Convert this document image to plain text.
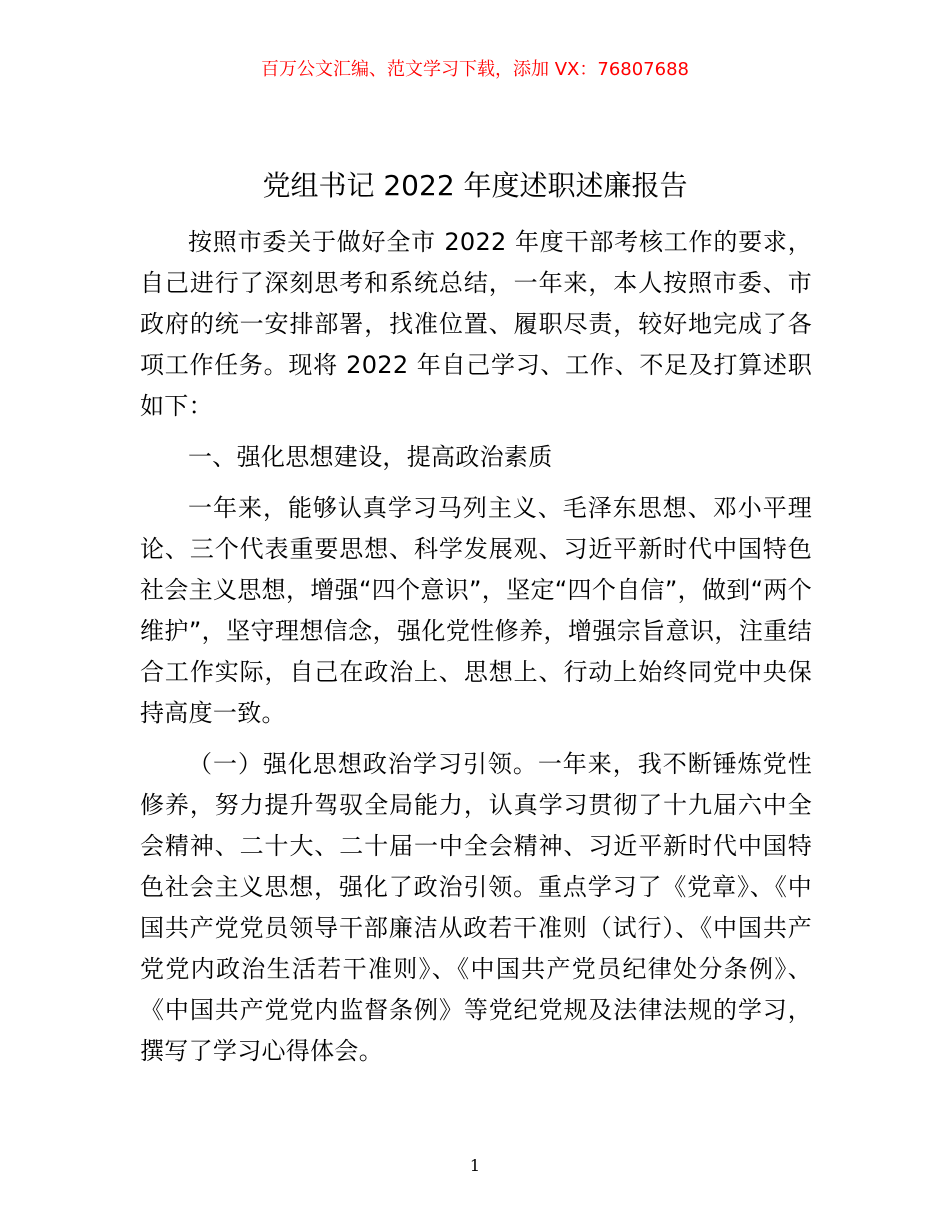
百万公文汇编、范文学习下载，添加 VX：76807688
党组书记 2022 年度述职述廉报告

按照市委关于做好全市 2022 年度干部考核工作的要求，自己进行了深刻思考和系统总结，一年来，本人按照市委、市政府的统一安排部署，找准位置、履职尽责，较好地完成了各项工作任务。现将 2022 年自己学习、工作、不足及打算述职如下：

一、强化思想建设，提高政治素质

一年来，能够认真学习马列主义、毛泽东思想、邓小平理论、三个代表重要思想、科学发展观、习近平新时代中国特色社会主义思想，增强“四个意识”，坚定“四个自信”，做到“两个维护”，坚守理想信念，强化党性修养，增强宗旨意识，注重结合工作实际，自己在政治上、思想上、行动上始终同党中央保持高度一致。

（一）强化思想政治学习引领。一年来，我不断锤炼党性修养，努力提升驾驭全局能力，认真学习贯彻了十九届六中全会精神、二十大、二十届一中全会精神、习近平新时代中国特色社会主义思想，强化了政治引领。重点学习了《党章》、《中国共产党党员领导干部廉洁从政若干准则（试行）、《中国共产党党内政治生活若干准则》、《中国共产党员纪律处分条例》、《中国共产党党内监督条例》等党纪党规及法律法规的学习，撰写了学习心得体会。

1
